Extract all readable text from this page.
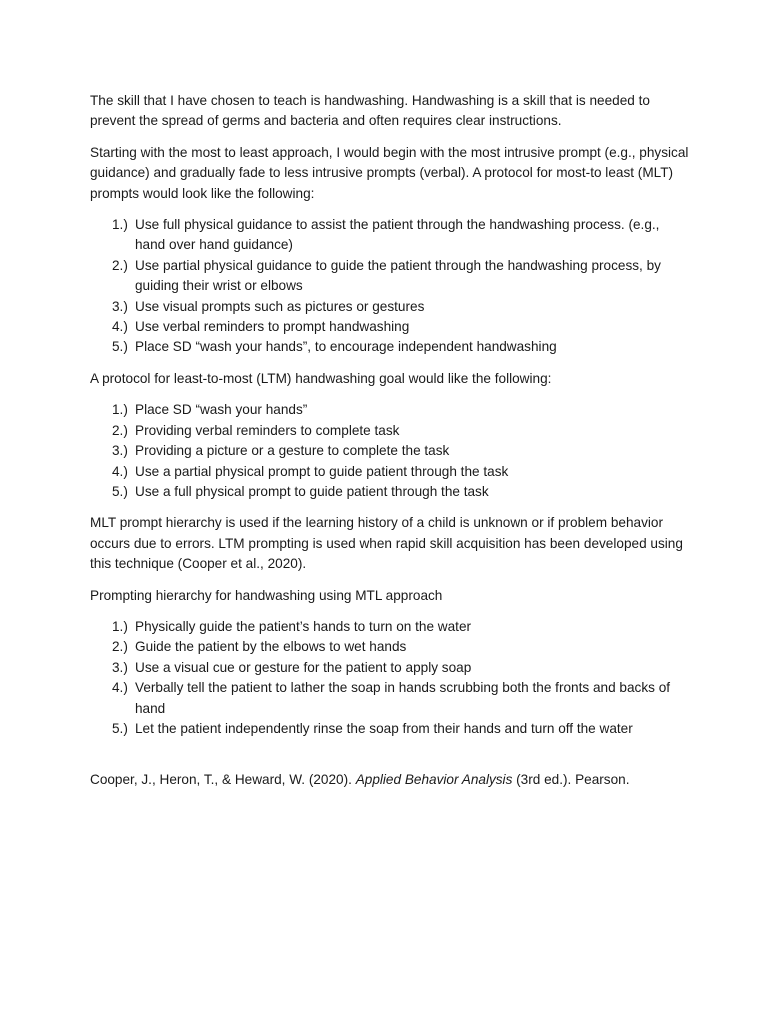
The skill that I have chosen to teach is handwashing. Handwashing is a skill that is needed to prevent the spread of germs and bacteria and often requires clear instructions.

Starting with the most to least approach, I would begin with the most intrusive prompt (e.g., physical guidance) and gradually fade to less intrusive prompts (verbal). A protocol for most-to least (MLT) prompts would look like the following:

1.) Use full physical guidance to assist the patient through the handwashing process. (e.g., hand over hand guidance)
2.) Use partial physical guidance to guide the patient through the handwashing process, by guiding their wrist or elbows
3.) Use visual prompts such as pictures or gestures
4.) Use verbal reminders to prompt handwashing
5.) Place SD “wash your hands”, to encourage independent handwashing

A protocol for least-to-most (LTM) handwashing goal would like the following:

1.) Place SD “wash your hands”
2.) Providing verbal reminders to complete task
3.) Providing a picture or a gesture to complete the task
4.) Use a partial physical prompt to guide patient through the task
5.) Use a full physical prompt to guide patient through the task

MLT prompt hierarchy is used if the learning history of a child is unknown or if problem behavior occurs due to errors. LTM prompting is used when rapid skill acquisition has been developed using this technique (Cooper et al., 2020).

Prompting hierarchy for handwashing using MTL approach

1.) Physically guide the patient’s hands to turn on the water
2.) Guide the patient by the elbows to wet hands
3.) Use a visual cue or gesture for the patient to apply soap
4.) Verbally tell the patient to lather the soap in hands scrubbing both the fronts and backs of hand
5.) Let the patient independently rinse the soap from their hands and turn off the water

Cooper, J., Heron, T., & Heward, W. (2020). Applied Behavior Analysis (3rd ed.). Pearson.
